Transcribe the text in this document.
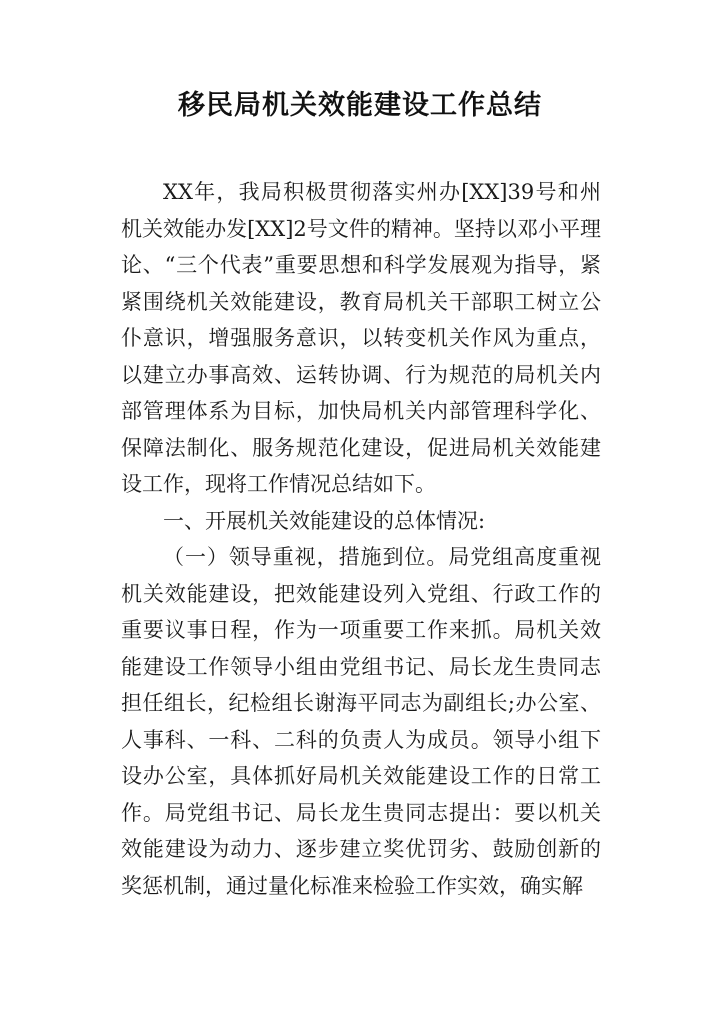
移民局机关效能建设工作总结

XX年，我局积极贯彻落实州办[XX]39号和州机关效能办发[XX]2号文件的精神。坚持以邓小平理论、“三个代表”重要思想和科学发展观为指导，紧紧围绕机关效能建设，教育局机关干部职工树立公仆意识，增强服务意识，以转变机关作风为重点，以建立办事高效、运转协调、行为规范的局机关内部管理体系为目标，加快局机关内部管理科学化、保障法制化、服务规范化建设，促进局机关效能建设工作，现将工作情况总结如下。

一、开展机关效能建设的总体情况:

（一）领导重视，措施到位。局党组高度重视机关效能建设，把效能建设列入党组、行政工作的重要议事日程，作为一项重要工作来抓。局机关效能建设工作领导小组由党组书记、局长龙生贵同志担任组长，纪检组长谢海平同志为副组长;办公室、人事科、一科、二科的负责人为成员。领导小组下设办公室，具体抓好局机关效能建设工作的日常工作。局党组书记、局长龙生贵同志提出：要以机关效能建设为动力、逐步建立奖优罚劣、鼓励创新的奖惩机制，通过量化标准来检验工作实效，确实解
